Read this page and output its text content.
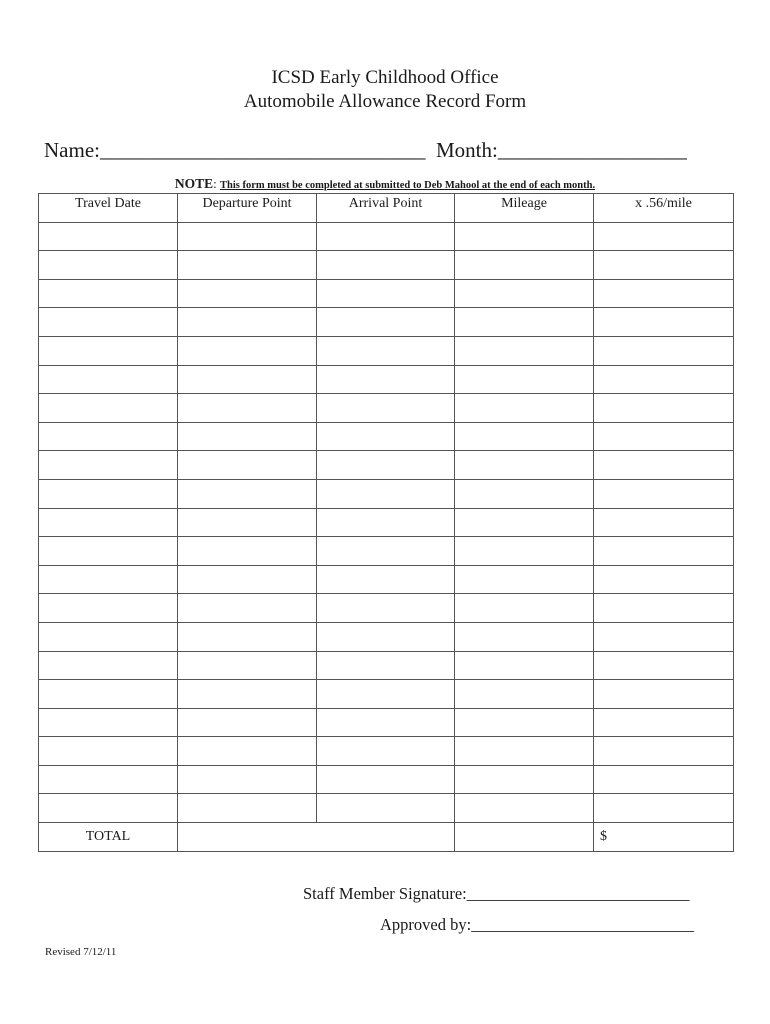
ICSD Early Childhood Office
Automobile Allowance Record Form
Name:_______________________________ Month:__________________
NOTE: This form must be completed at submitted to Deb Mahool at the end of each month.
Travel Date	Departure Point	Arrival Point	Mileage	x .56/mile

TOTAL				$
Staff Member Signature:___________________________
Approved by:___________________________
Revised 7/12/11
